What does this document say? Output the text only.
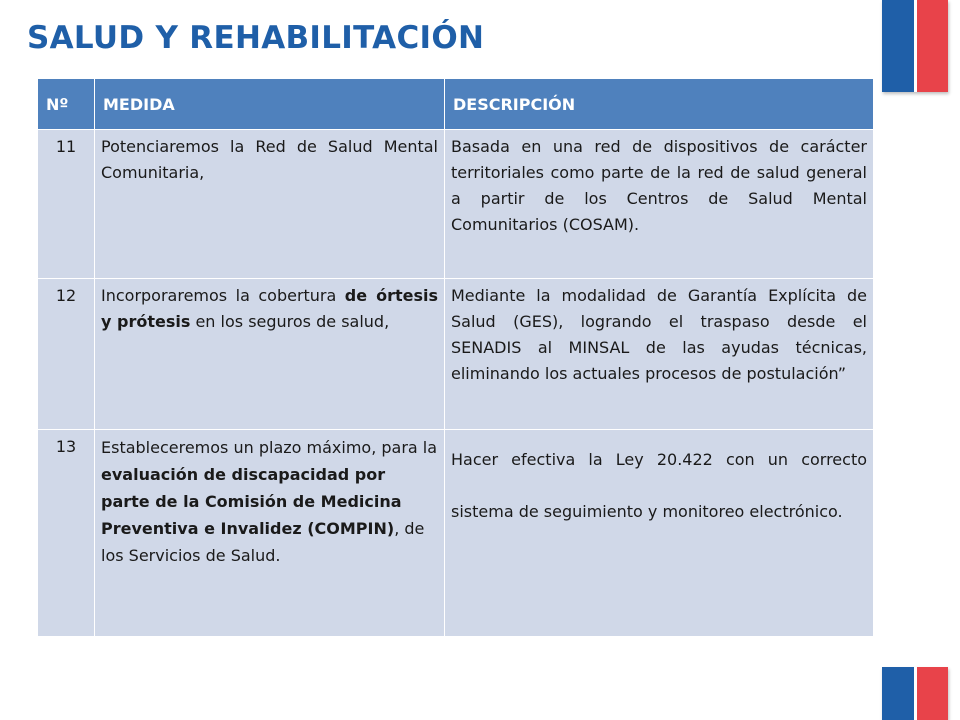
SALUD Y REHABILITACIÓN
Nº	MEDIDA	DESCRIPCIÓN
11	Potenciaremos la Red de Salud Mental Comunitaria,	Basada en una red de dispositivos de carácter territoriales como parte de la red de salud general a partir de los Centros de Salud Mental Comunitarios (COSAM).
12	Incorporaremos la cobertura de órtesis y prótesis en los seguros de salud,	Mediante la modalidad de Garantía Explícita de Salud (GES), logrando el traspaso desde el SENADIS al MINSAL de las ayudas técnicas, eliminando los actuales procesos de postulación”
13	Estableceremos un plazo máximo, para la evaluación de discapacidad por parte de la Comisión de Medicina Preventiva e Invalidez (COMPIN), de los Servicios de Salud.	Hacer efectiva la Ley 20.422 con un correcto sistema de seguimiento y monitoreo electrónico.
